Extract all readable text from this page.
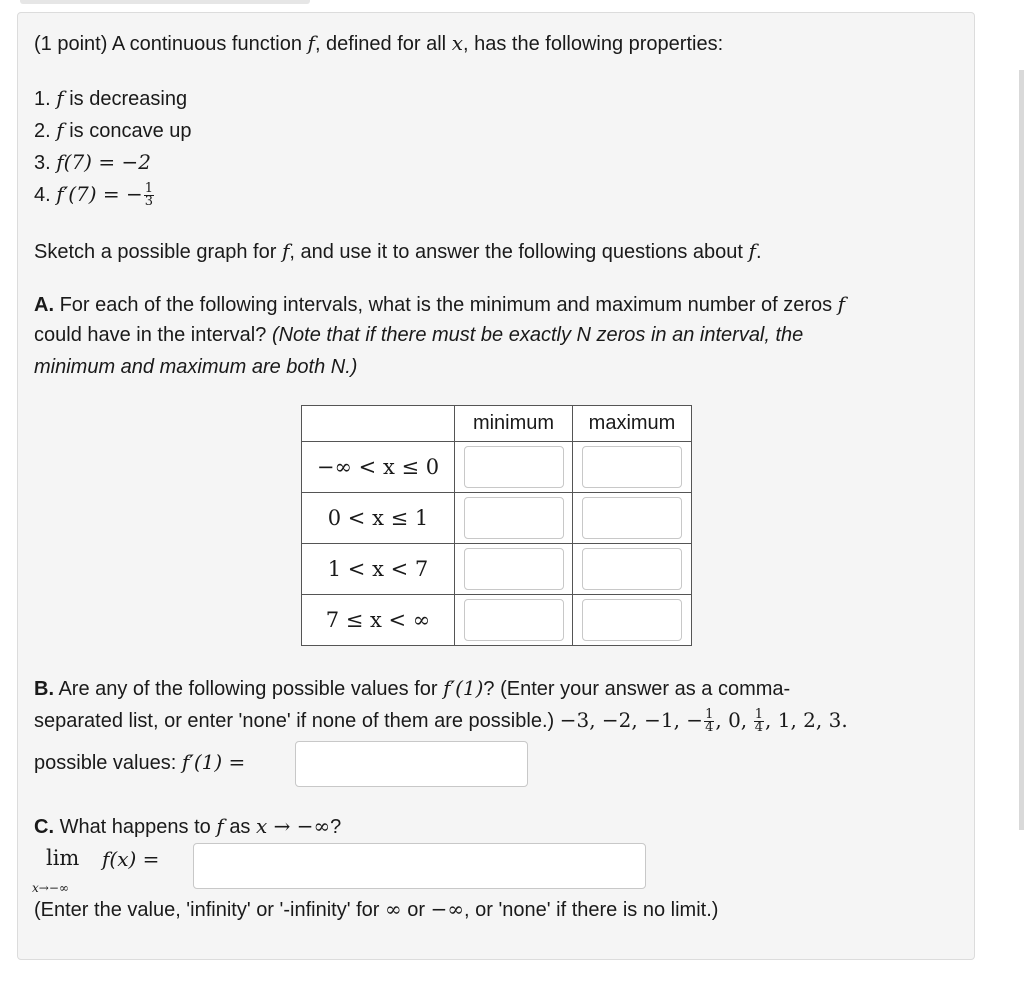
(1 point) A continuous function f, defined for all x, has the following properties:
1. f is decreasing
2. f is concave up
3. f(7) = −2
4. f′(7) = − $\frac{1}{3}$
Sketch a possible graph for f, and use it to answer the following questions about f.
A. For each of the following intervals, what is the minimum and maximum number of zeros f
could have in the interval? (Note that if there must be exactly N zeros in an interval, the
minimum and maximum are both N.)
	minimum	maximum
−∞ < x ≤ 0	

0 < x ≤ 1	

1 < x < 7	

7 ≤ x < ∞	

B. Are any of the following possible values for f′(1)? (Enter your answer as a comma-
separated list, or enter 'none' if none of them are possible.) −3, −2, −1, − $\frac{1}{4}$ , 0, $\frac{1}{4}$ , 1, 2, 3.
possible values: f′(1) =
C. What happens to f as x → −∞?
lim
x→−∞
f(x) =
(Enter the value, 'infinity' or '-infinity' for ∞ or −∞, or 'none' if there is no limit.)
